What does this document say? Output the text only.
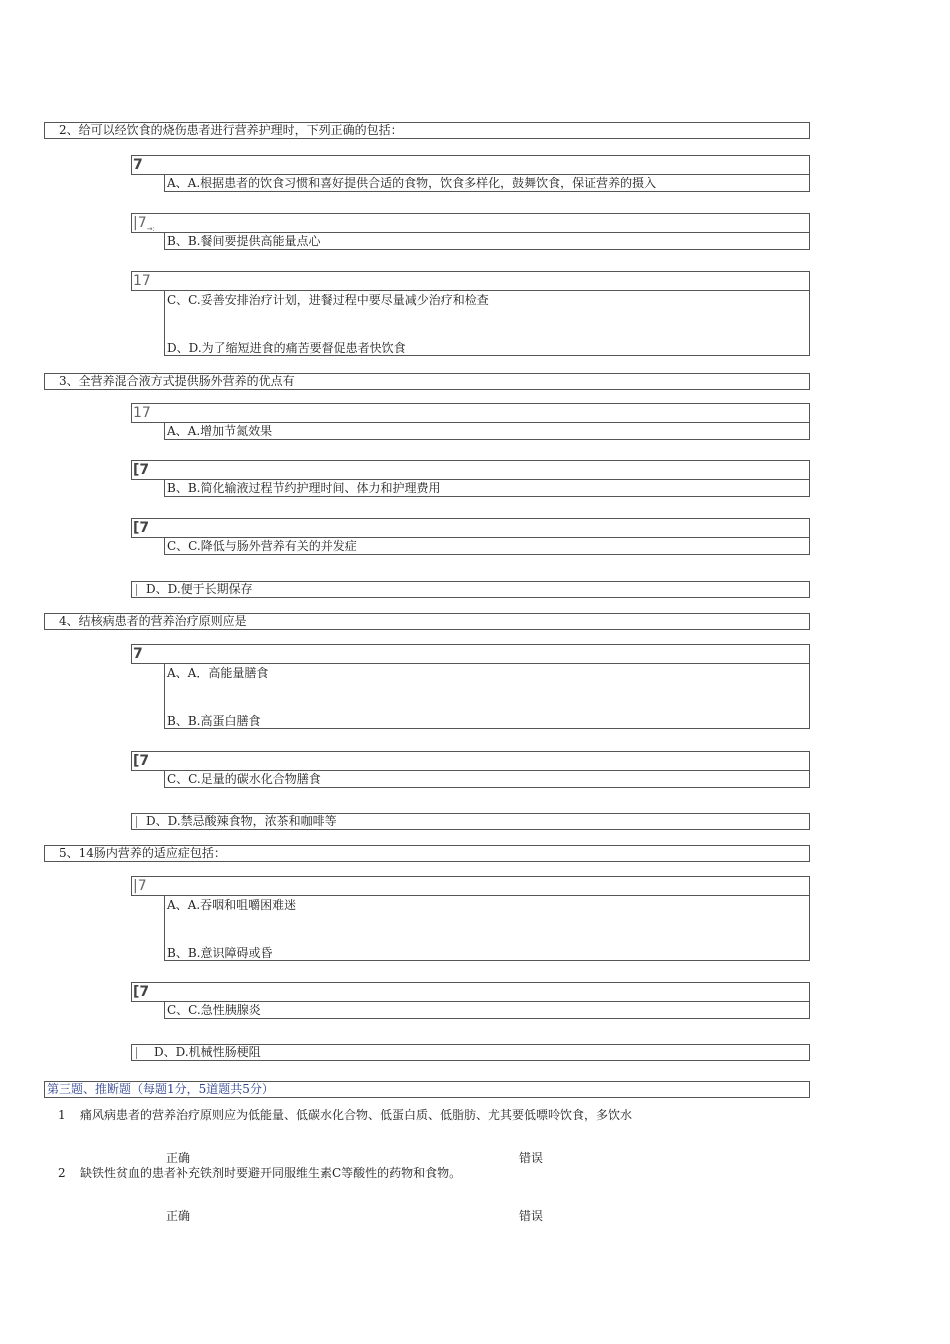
2、给可以经饮食的烧伤患者进行营养护理时，下列正确的包括：
7
A、A.根据患者的饮食习惯和喜好提供合适的食物，饮食多样化，鼓舞饮食，保证营养的摄入
$|7_{\to:}$
B、B.餐间要提供高能量点心
17
C、C.妥善安排治疗计划，进餐过程中要尽量减少治疗和检查
D、D.为了缩短进食的痛苦要督促患者快饮食
3、全营养混合液方式提供肠外营养的优点有
17
A、A.增加节氮效果
[7
B、B.简化输液过程节约护理时间、体力和护理费用
[7
C、C.降低与肠外营养有关的并发症
D、D.便于长期保存
4、结核病患者的营养治疗原则应是
7
A、A．高能量膳食
B、B.高蛋白膳食
[7
C、C.足量的碳水化合物膳食
D、D.禁忌酸辣食物，浓茶和咖啡等
5、14肠内营养的适应症包括：
|7
A、A.吞咽和咀嚼困难迷
B、B.意识障碍或昏
[7
C、C.急性胰腺炎
D、D.机械性肠梗阻
第三题、推断题（每题1分，5道题共5分）
1 痛风病患者的营养治疗原则应为低能量、低碳水化合物、低蛋白质、低脂肪、尤其要低嘌呤饮食，多饮水
正确	错误
2 缺铁性贫血的患者补充铁剂时要避开同服维生素C等酸性的药物和食物。
正确	错误
